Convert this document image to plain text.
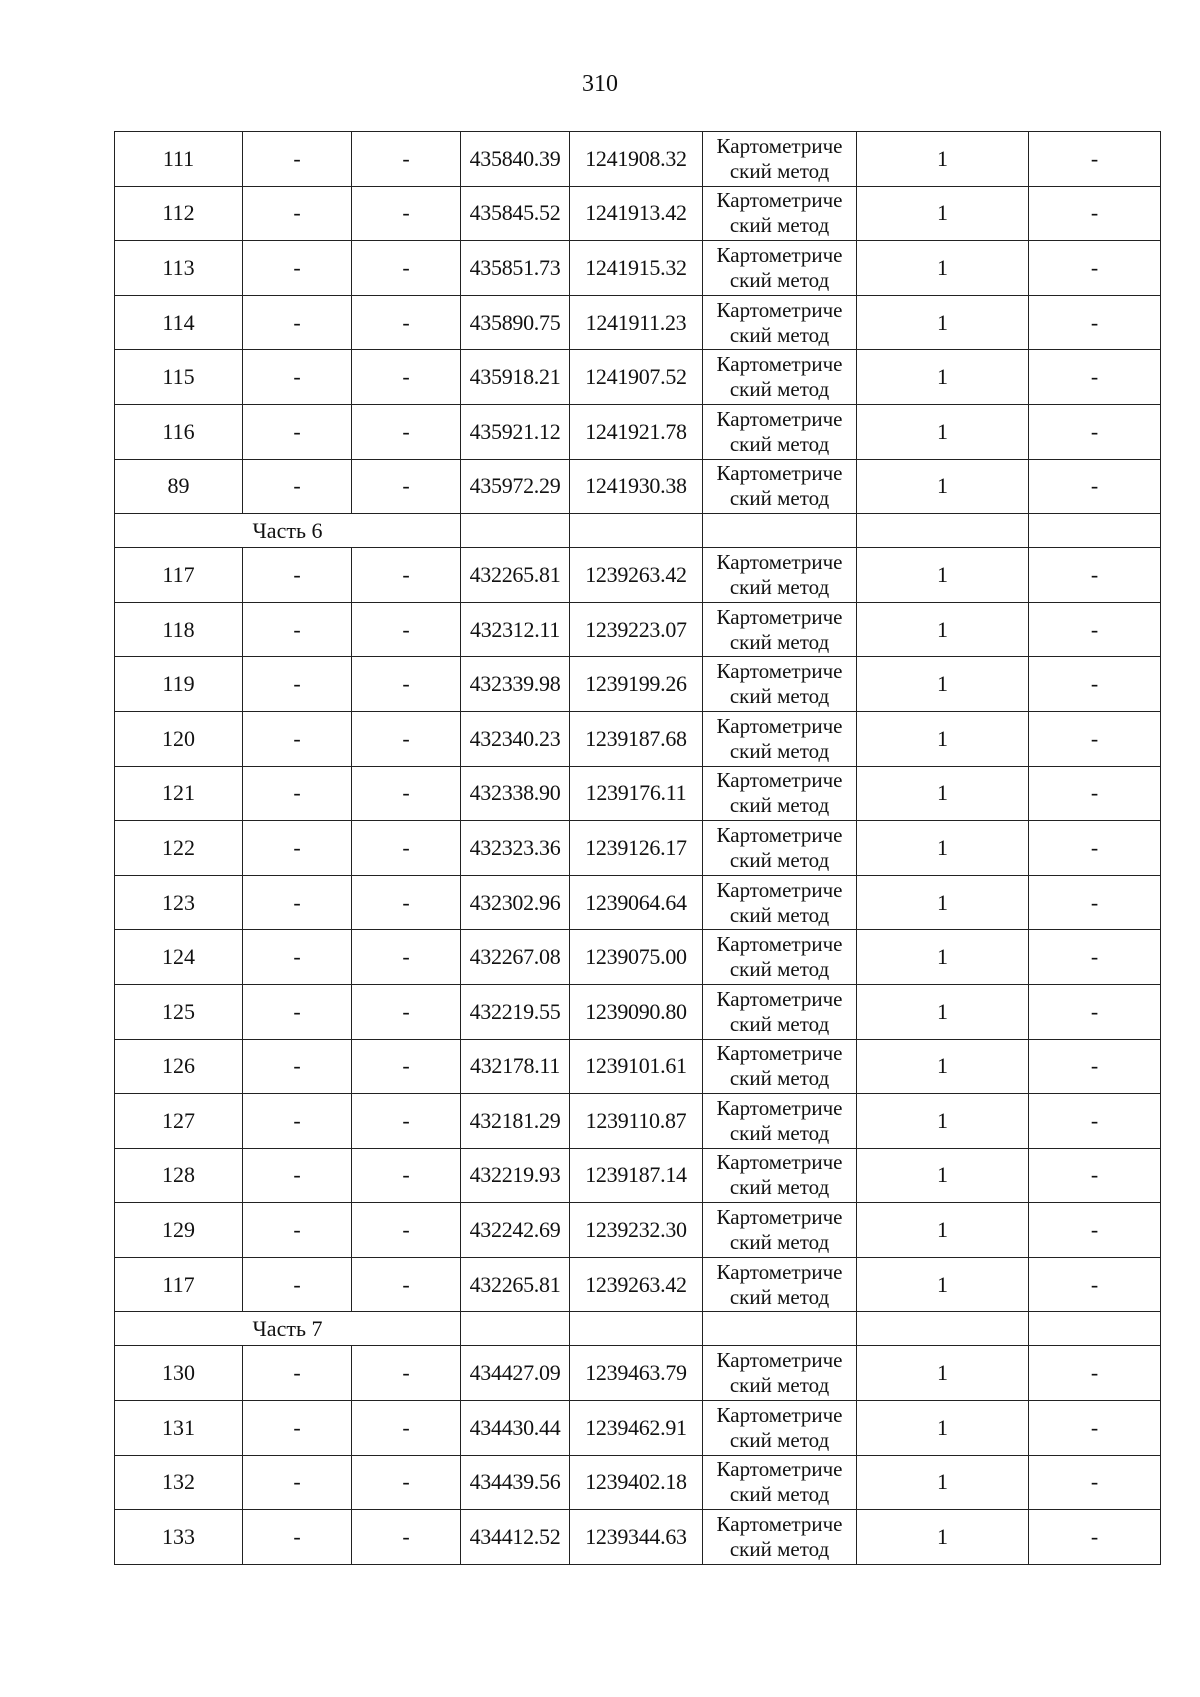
310
111	-	-	435840.39	1241908.32	Картометриче
ский метод	1	-
112	-	-	435845.52	1241913.42	Картометриче
ский метод	1	-
113	-	-	435851.73	1241915.32	Картометриче
ский метод	1	-
114	-	-	435890.75	1241911.23	Картометриче
ский метод	1	-
115	-	-	435918.21	1241907.52	Картометриче
ский метод	1	-
116	-	-	435921.12	1241921.78	Картометриче
ский метод	1	-
89	-	-	435972.29	1241930.38	Картометриче
ский метод	1	-
Часть 6							
117	-	-	432265.81	1239263.42	Картометриче
ский метод	1	-
118	-	-	432312.11	1239223.07	Картометриче
ский метод	1	-
119	-	-	432339.98	1239199.26	Картометриче
ский метод	1	-
120	-	-	432340.23	1239187.68	Картометриче
ский метод	1	-
121	-	-	432338.90	1239176.11	Картометриче
ский метод	1	-
122	-	-	432323.36	1239126.17	Картометриче
ский метод	1	-
123	-	-	432302.96	1239064.64	Картометриче
ский метод	1	-
124	-	-	432267.08	1239075.00	Картометриче
ский метод	1	-
125	-	-	432219.55	1239090.80	Картометриче
ский метод	1	-
126	-	-	432178.11	1239101.61	Картометриче
ский метод	1	-
127	-	-	432181.29	1239110.87	Картометриче
ский метод	1	-
128	-	-	432219.93	1239187.14	Картометриче
ский метод	1	-
129	-	-	432242.69	1239232.30	Картометриче
ский метод	1	-
117	-	-	432265.81	1239263.42	Картометриче
ский метод	1	-
Часть 7							
130	-	-	434427.09	1239463.79	Картометриче
ский метод	1	-
131	-	-	434430.44	1239462.91	Картометриче
ский метод	1	-
132	-	-	434439.56	1239402.18	Картометриче
ский метод	1	-
133	-	-	434412.52	1239344.63	Картометриче
ский метод	1	-
